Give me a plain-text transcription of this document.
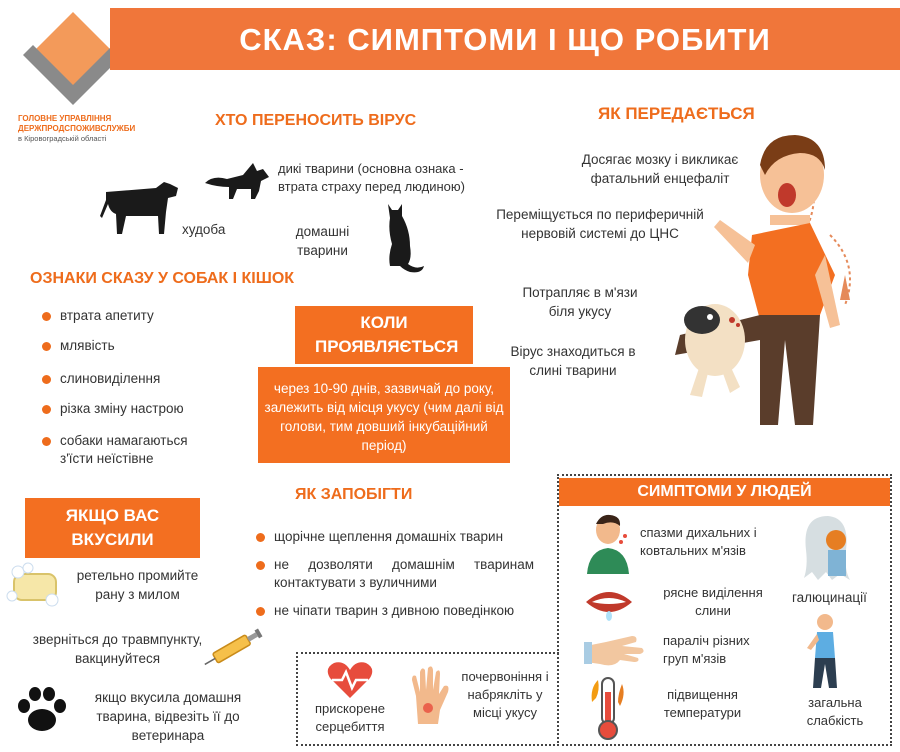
ГОЛОВНЕ УПРАВЛІННЯ
ДЕРЖПРОДСПОЖИВСЛУЖБИ
в Кіровоградській області
СКАЗ: СИМПТОМИ І ЩО РОБИТИ
ХТО ПЕРЕНОСИТЬ ВІРУС
дикі тварини (основна ознака - втрата страху перед людиною)
худоба	домашні тварини
ЯК ПЕРЕДАЄТЬСЯ
Досягає мозку і викликає фатальний енцефаліт
Переміщується по периферичній нервовій системі до ЦНС
Потрапляє в м'язи біля укусу
Вірус знаходиться в слині тварини
ОЗНАКИ СКАЗУ У СОБАК І КІШОК
втрата апетиту
млявість
слиновиділення
різка зміну настрою
собаки намагаються з'їсти неїстівне
КОЛИ ПРОЯВЛЯЄТЬСЯ
через 10-90 днів, зазвичай до року, залежить від місця укусу (чим далі від голови, тим довший інкубаційний період)
ЯКЩО ВАС ВКУСИЛИ
ретельно промийте рану з милом
зверніться до травмпункту, вакцинуйтеся
якщо вкусила домашня тварина, відвезіть її до ветеринара
ЯК ЗАПОБІГТИ
щорічне щеплення домашніх тварин
не дозволяти домашнім тваринам контактувати з вуличними
не чіпати тварин з дивною поведінкою
СИМПТОМИ У ЛЮДЕЙ
спазми дихальних і ковтальних м'язів
галюцинації
рясне виділення слини
параліч різних груп м'язів
загальна слабкість
підвищення температури
прискорене серцебиття
почервоніння і набрякліть у місці укусу
